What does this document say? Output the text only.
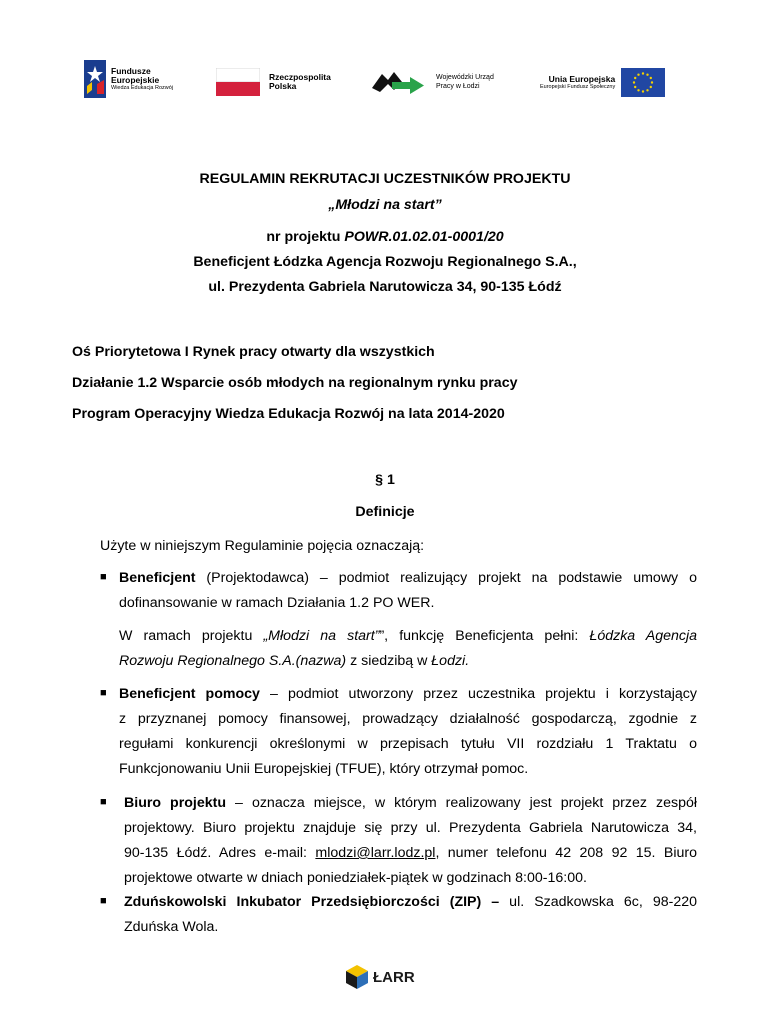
Fundusze
Europejskie
Wiedza Edukacja Rozwój
Rzeczpospolita
Polska
Wojewódzki Urząd
Pracy w Łodzi
Unia Europejska
Europejski Fundusz Społeczny
REGULAMIN REKRUTACJI UCZESTNIKÓW PROJEKTU
„Młodzi na start”
nr projektu POWR.01.02.01-0001/20
Beneficjent Łódzka Agencja Rozwoju Regionalnego S.A.,
ul. Prezydenta Gabriela Narutowicza 34, 90-135 Łódź
Oś Priorytetowa I Rynek pracy otwarty dla wszystkich
Działanie 1.2 Wsparcie osób młodych na regionalnym rynku pracy
Program Operacyjny Wiedza Edukacja Rozwój na lata 2014-2020
§ 1
Definicje
Użyte w niniejszym Regulaminie pojęcia oznaczają:
■ Beneficjent (Projektodawca) – podmiot realizujący projekt na podstawie umowy o
dofinansowanie w ramach Działania 1.2 PO WER.
W ramach projektu „Młodzi na start””, funkcję Beneficjenta pełni: Łódzka Agencja
Rozwoju Regionalnego S.A.(nazwa) z siedzibą w Łodzi.
■ Beneficjent pomocy – podmiot utworzony przez uczestnika projektu i korzystający
z przyznanej pomocy finansowej, prowadzący działalność gospodarczą, zgodnie z
regułami konkurencji określonymi w przepisach tytułu VII rozdziału 1 Traktatu o
Funkcjonowaniu Unii Europejskiej (TFUE), który otrzymał pomoc.
■ Biuro projektu – oznacza miejsce, w którym realizowany jest projekt przez zespół
projektowy. Biuro projektu znajduje się przy ul. Prezydenta Gabriela Narutowicza 34,
90-135 Łódź. Adres e-mail: mlodzi@larr.lodz.pl, numer telefonu 42 208 92 15. Biuro
projektowe otwarte w dniach poniedziałek-piątek w godzinach 8:00-16:00.
■ Zduńskowolski Inkubator Przedsiębiorczości (ZIP) – ul. Szadkowska 6c, 98-220
Zduńska Wola.
ŁARR
